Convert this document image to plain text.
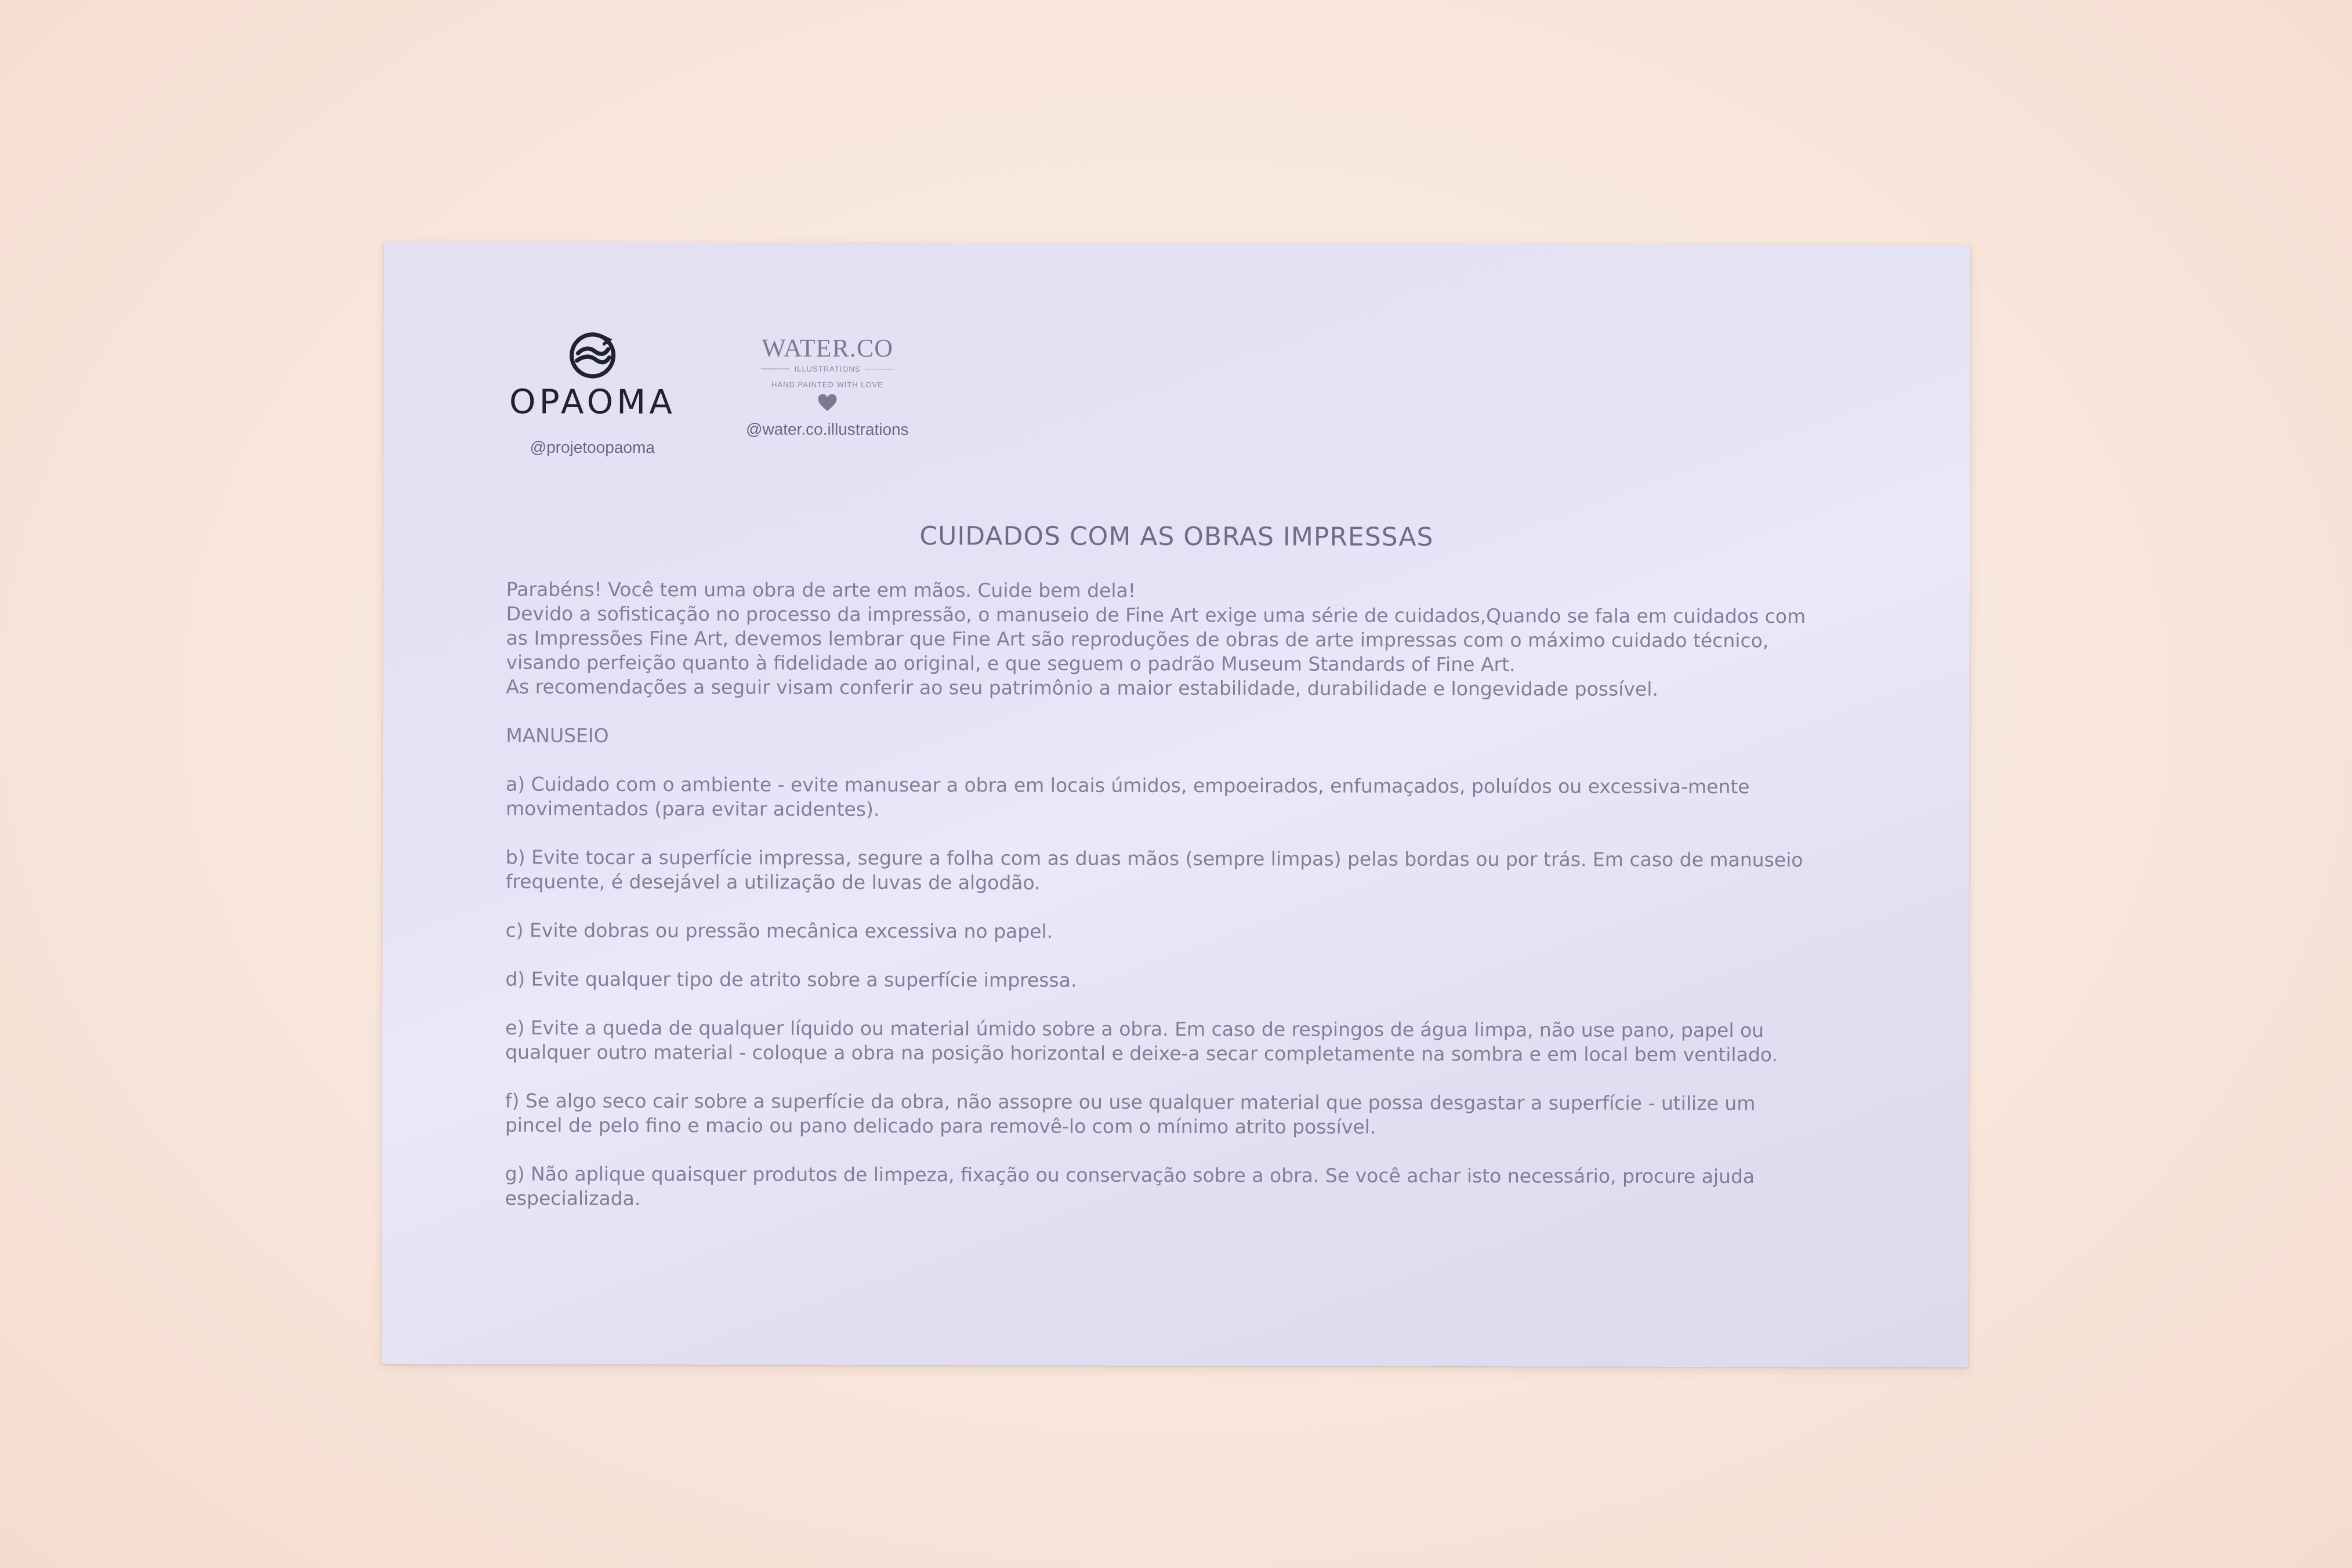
OPAOMA
@projetoopaoma
WATER.CO
ILLUSTRATIONS
HAND PAINTED WITH LOVE
@water.co.illustrations
CUIDADOS COM AS OBRAS IMPRESSAS

Parabéns! Você tem uma obra de arte em mãos. Cuide bem dela!

Devido a sofisticação no processo da impressão, o manuseio de Fine Art exige uma série de cuidados,Quando se fala em cuidados com as Impressões Fine Art, devemos lembrar que Fine Art são reproduções de obras de arte impressas com o máximo cuidado técnico, visando perfeição quanto à fidelidade ao original, e que seguem o padrão Museum Standards of Fine Art.

As recomendações a seguir visam conferir ao seu patrimônio a maior estabilidade, durabilidade e longevidade possível.

MANUSEIO

a) Cuidado com o ambiente - evite manusear a obra em locais úmidos, empoeirados, enfumaçados, poluídos ou excessiva-mente movimentados (para evitar acidentes).

b) Evite tocar a superfície impressa, segure a folha com as duas mãos (sempre limpas) pelas bordas ou por trás. Em caso de manuseio frequente, é desejável a utilização de luvas de algodão.

c) Evite dobras ou pressão mecânica excessiva no papel.

d) Evite qualquer tipo de atrito sobre a superfície impressa.

e) Evite a queda de qualquer líquido ou material úmido sobre a obra. Em caso de respingos de água limpa, não use pano, papel ou qualquer outro material - coloque a obra na posição horizontal e deixe-a secar completamente na sombra e em local bem ventilado.

f) Se algo seco cair sobre a superfície da obra, não assopre ou use qualquer material que possa desgastar a superfície - utilize um pincel de pelo fino e macio ou pano delicado para removê-lo com o mínimo atrito possível.

g) Não aplique quaisquer produtos de limpeza, fixação ou conservação sobre a obra. Se você achar isto necessário, procure ajuda especializada.
